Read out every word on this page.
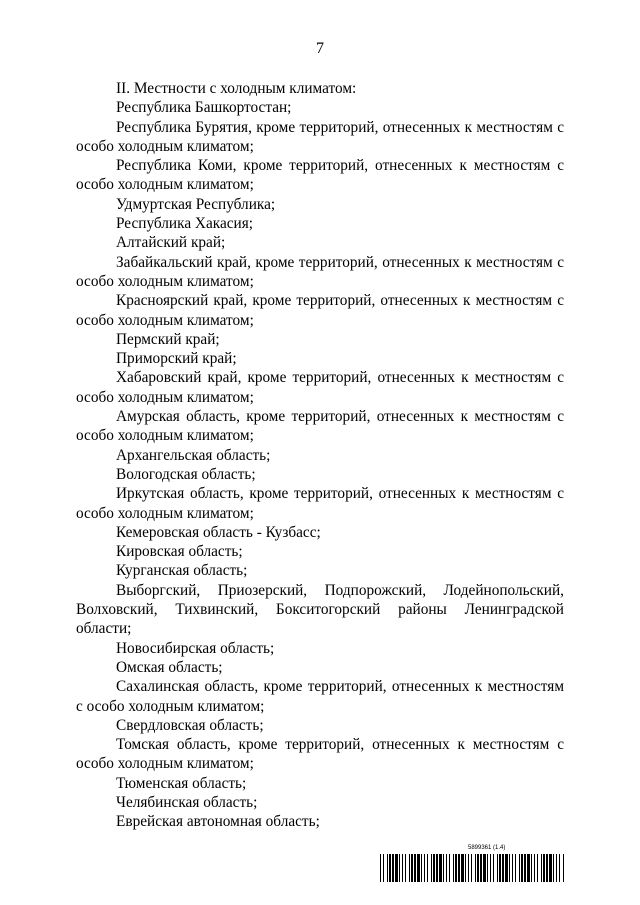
7

II. Местности с холодным климатом:

Республика Башкортостан;

Республика Бурятия, кроме территорий, отнесенных к местностям с особо холодным климатом;

Республика Коми, кроме территорий, отнесенных к местностям с особо холодным климатом;

Удмуртская Республика;

Республика Хакасия;

Алтайский край;

Забайкальский край, кроме территорий, отнесенных к местностям с особо холодным климатом;

Красноярский край, кроме территорий, отнесенных к местностям с особо холодным климатом;

Пермский край;

Приморский край;

Хабаровский край, кроме территорий, отнесенных к местностям с особо холодным климатом;

Амурская область, кроме территорий, отнесенных к местностям с особо холодным климатом;

Архангельская область;

Вологодская область;

Иркутская область, кроме территорий, отнесенных к местностям с особо холодным климатом;

Кемеровская область - Кузбасс;

Кировская область;

Курганская область;

Выборгский, Приозерский, Подпорожский, Лодейнопольский, Волховский, Тихвинский, Бокситогорский районы Ленинградской области;

Новосибирская область;

Омская область;

Сахалинская область, кроме территорий, отнесенных к местностям с особо холодным климатом;

Свердловская область;

Томская область, кроме территорий, отнесенных к местностям с особо холодным климатом;

Тюменская область;

Челябинская область;

Еврейская автономная область;

5899361 (1.4)
